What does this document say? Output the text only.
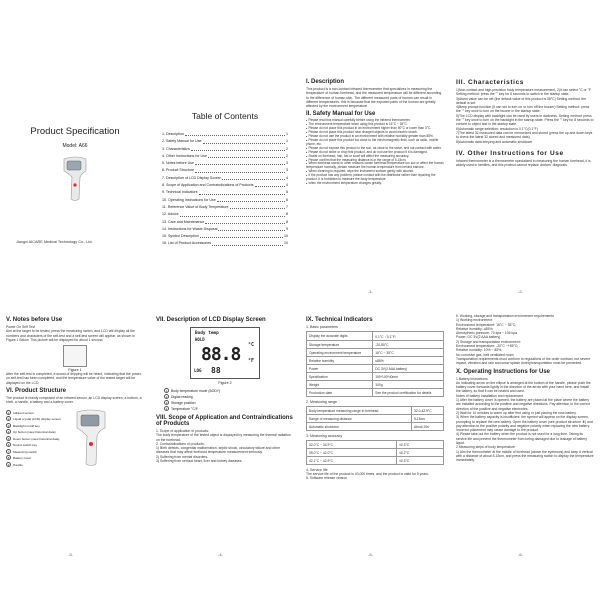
Product Specification
Model: A66
Jiangxi AICARE Medical Technology Co., Ltd.
Table of Contents
1. Description	1
2. Safety Manual for Use	1
3. Characteristics	2
4. Other Instructions for Use	2
5. Notes before Use	3
6. Product Structure	3
7. Description of LCD Display Screen	4
8. Scope of Application and Contraindications of Products	4
9. Technical Indicators	5
10. Operating Instructions for Use	6
11. Reference Value of Body Temperature	7
12. Advice	8
13. Care and Maintenance	8
14. Instructions for Waste Disposal	9
15. Symbol Description	10
16. List of Product Accessories	10
I. Description

This product is a non-contact infrared thermometer that specializes in measuring the temperature of human forehead, and the measured temperature will be different according to the difference of human skin. The different measured parts of human can result in different temperatures, this is because that the exposed parts of the human are greatly affected by the environment temperature.

II. Safety Manual for Use
● Please read this manual carefully before using the infrared thermometer.
● The environment temperature when using this product is 16°C ~ 35°C.
● Please do not place this product in an environment higher than 50°C or lower than 0°C.
● Please do not place this product near charged objects to avoid electric shock.
● Please do not use the product in an environment with relative humidity greater than 85%.
● Please do not place this product too close to the electromagnetic field, such as radio, mobile phone, etc.
● Please do not expose this product in the sun, as close to the stove, and not contact with water.
● Please do not strike or drop this product, and do not use the product if it is damaged.
● Sweat on forehead, hair, hat or scarf will affect the measuring accuracy.
● Please confirm that the measuring distance is in the range of 5-15cm.
● When forehead sweat or other reasons cause forehead temperature too low or affect the human temperature normally, please measure the human temperature from behind earlobe.
● When cleaning is required, wipe the instrument surface gently with alcohol.
● If the product has any problem, please contact with the distributor rather than repairing the product. It is forbidden to measure the body temperature
● when the environment temperature changes greatly.
III. Characteristics

1)Non-contact and high-precision body temperature measurement, 2(it can select °C or °F.

Setting method: press the "" key for 8 seconds to switch in the startup state.

3)Alarm value can be set (the default value of this product is 38°C) Setting method: the default is set.

4)Beep prompt function (it can set to turn on or turn off the buzzer) Setting method: press the "" key once to turn on the buzzer in the startup state.

5)The LCD display with backlight can be used by users in darkness. Setting method: press the "" key once to turn on the backlight in the startup state. Press the "" key for 8 seconds to convert to object test in the startup state.

6)Automatic range selection: resolution is 0.1°C(0.1°F)

7)The latest 32 measured data can be memorized and stored (press the up and down keys to check the latest 32 stored and measured data)

8)Automatic data keeping and automatic shutdown

IV. Other Instructions for Use

Infrared thermometer is a thermometer specialized in measuring the human forehead, it is widely used in families, and this product cannot replace doctors' diagnosis.

V. Notes before Use

Power On Self Test

Aim at the target to be tested, press the measuring switch, and LCD will display all the numbers and characters of the self-test and a self-test screen will appear, as shown in Figure 1 Below. This picture will be displayed for about 1 second.

Figure 1

After the self-test is completed, a sound of dripping will be heard, indicating that the power-on self-test has been completed, and the temperature value of the tested target will be displayed on the LCD.

VI. Product Structure

The product is mainly composed of an infrared sensor, an LCD display screen, a bottom, a shell, a handle, a battery and a battery cover.

1 Infrared sensor
2 Liquid crystal (LCD) display screen
3 Backlight on/off key
4 Up button (view historical data)
5 Down button (view historical data)
6 Sound switch key
7 Measuring switch
8 Battery cover
9 Handle
VII. Description of LCD Display Screen
Body temp
HOLD
88.8
LOG 88
°C
°F
Figure 2
1 Body temperature mode (BODY)
2 Digital reading
3 Storage position
4 Temperature °C/F
VIII. Scope of Application and Contraindications of Products

1. Scope of application of products:

The body temperature of the tested object is displayed by measuring the thermal radiation on the forehead.

2. Contraindications of products:

1) Birth defects, congenital malformation, septic shock, circulatory failure and other diseases that may affect forehead temperature measurement seriously.

2) Suffering from mental disorders.

3) Suffering from serious heart, liver and kidney diseases.

IX. Technical Indicators
1. Basic parameters
Display the accurate digits	0.1°C（0.1°F）
Storage temperature	-20-55°C
Operating environment temperature	16°C ~ 35°C
Relative humidity	≤85%
Power	DC 3V(2 AAA battery)
Specification	150*100*40mm
Weight	100g
Production date	See the product certification for details
2. Measuring range
Body temperature measuring range in forehead	32.0-42.9°C
Range of measuring distance	5-15cm
Automatic shutdown	About 20s
3. Measuring accuracy
32.0°C ~ 34.9°C	±0.3°C
35.0°C ~ 42.0°C	±0.2°C
42.1°C ~ 42.9°C	±0.3°C
4. Service life

The service life of the product is 40,000 times, and the product is valid for 5 years.

5. Software release version

6. Working, storage and transportation environment requirements

1) Working environment:

Environment temperature: 16°C ~ 35°C;

Relative humidity: ≤85%;

Atmospheric pressure: 70 kpa ~ 106 kpa

Power: DC 3V(2 AAA battery)

2) Storage and transportation environment:

Environment temperature: -20°C ~+55°C;

Relative humidity: 10% ~ 85%;

No corrosive gas, well ventilated room;

Transportation requirements must conform to regulations of the order contract, but severe impact, vibration and rain and snow splash during transportation must be prevented.

X. Operating Instructions for Use

1.Battery instructions

An indicating arrow on the ellipse is arranged at the bottom of the handle, please push the battery cover forwards lightly in the direction of the arrow with your hand here, and install the battery, so that it can be heated and used.

Notes of battery installation and replacement

1) After the battery cover is opened, the battery are placed at the place where the battery are installed according to the positive and negative directions. Pay attention to the correct direction of the positive and negative electrodes.

2) Wait for 10 minutes to warm up after first using or just placing the new battery.

3) When the battery capacity is insufficient, the symbol will appear on the display screen, prompting to replace the new battery. Open the battery cover (see product structure ⑧) and pay attention to the positive polarity and negative polarity when replacing the new battery. Incorrect placement may cause damage to the product.

4) Please take out the battery when the product is not used for a long time. Taking its service life and prevent the thermometer from being damaged due to leakage of battery liquid.

2.Measuring steps of body temperature

1) Aim the thermometer at the middle of forehead (above the eyebrows) and keep it vertical with a distance of about 5-15cm, and press the measuring switch to display the temperature immediately.

-1-	-2-
-3-	-4-	-5-	-6-
